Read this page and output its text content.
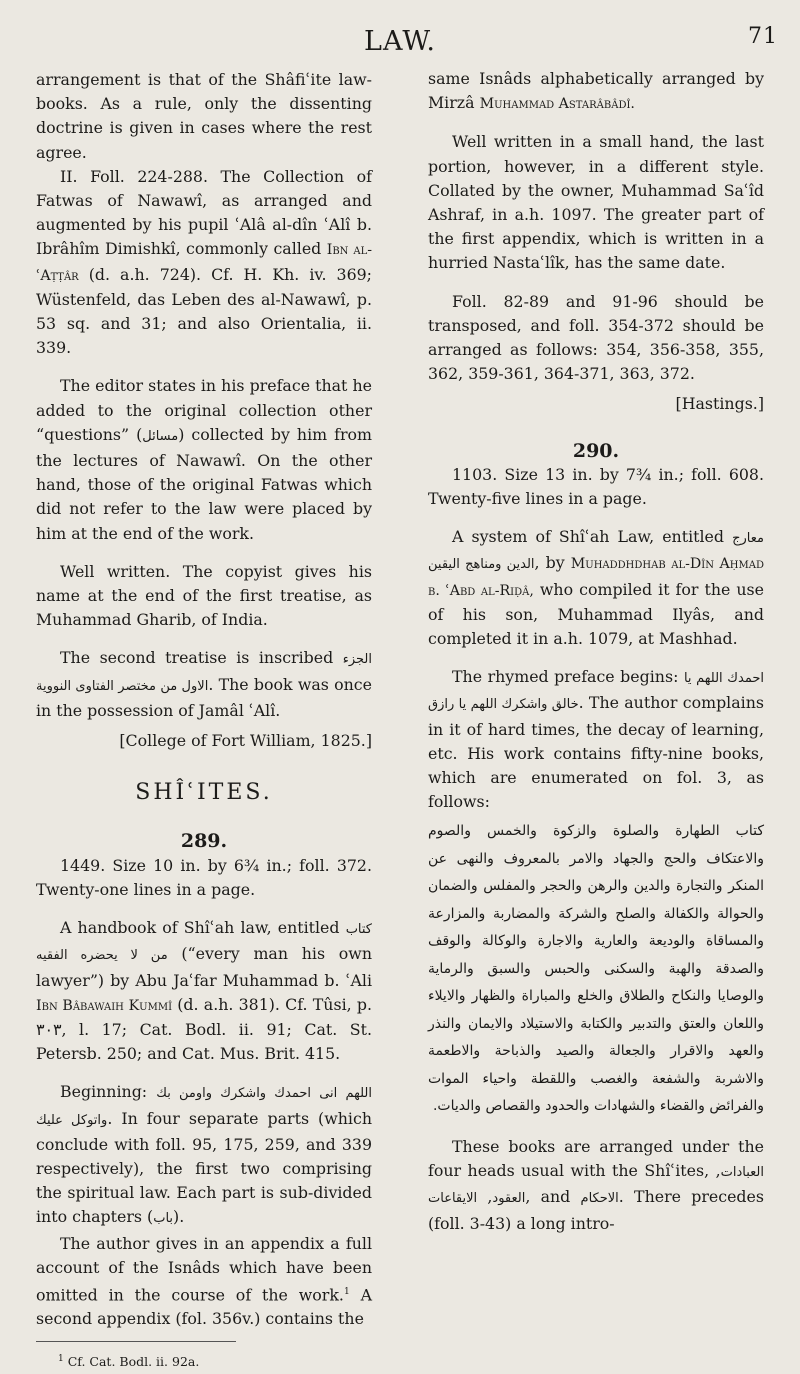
LAW.	71

arrangement is that of the Shâfiʿite law-books. As a rule, only the dissenting doctrine is given in cases where the rest agree.

II. Foll. 224-288. The Collection of Fatwas of Nawawî, as arranged and augmented by his pupil ʿAlâ al-dîn ʿAlî b. Ibrâhîm Dimishkî, commonly called Ibn al-ʿAṭṭâr (d. a.h. 724). Cf. H. Kh. iv. 369; Wüstenfeld, das Leben des al-Nawawî, p. 53 sq. and 31; and also Orientalia, ii. 339.

The editor states in his preface that he added to the original collection other “questions” (مسائل) collected by him from the lectures of Nawawî. On the other hand, those of the original Fatwas which did not refer to the law were placed by him at the end of the work.

Well written. The copyist gives his name at the end of the first treatise, as Muhammad Gharib, of India.

The second treatise is inscribed الجزء الاول من مختصر الفتاوى النووية. The book was once in the possession of Jamâl ʿAlî.

[College of Fort William, 1825.]

SHÎʿITES.
289.

1449. Size 10 in. by 6¾ in.; foll. 372. Twenty-one lines in a page.

A handbook of Shîʿah law, entitled كتاب من لا يحضره الفقيه (“every man his own lawyer”) by Abu Jaʿfar Muhammad b. ʿAli Ibn Bâbawaih Kummî (d. a.h. 381). Cf. Tûsi, p. ٣٠٣, l. 17; Cat. Bodl. ii. 91; Cat. St. Petersb. 250; and Cat. Mus. Brit. 415.

Beginning: اللهم انى احمدك واشكرك واومن بك واتوكل عليك. In four separate parts (which conclude with foll. 95, 175, 259, and 339 respectively), the first two comprising the spiritual law. Each part is sub-divided into chapters (باب).

The author gives in an appendix a full account of the Isnâds which have been omitted in the course of the work.$^1$ A second appendix (fol. 356v.) contains the

$^1$ Cf. Cat. Bodl. ii. 92a.

same Isnâds alphabetically arranged by Mirzâ Muhammad Astarâbâdî.

Well written in a small hand, the last portion, however, in a different style. Collated by the owner, Muhammad Saʿîd Ashraf, in a.h. 1097. The greater part of the first appendix, which is written in a hurried Nastaʿlîk, has the same date.

Foll. 82-89 and 91-96 should be transposed, and foll. 354-372 should be arranged as follows: 354, 356-358, 355, 362, 359-361, 364-371, 363, 372.

[Hastings.]

290.

1103. Size 13 in. by 7¾ in.; foll. 608. Twenty-five lines in a page.

A system of Shîʿah Law, entitled معارج الدين ومناهج اليقين, by Muhaddhdhab al-Dîn Aḥmad b. ʿAbd al-Riḍâ, who compiled it for the use of his son, Muhammad Ilyâs, and completed it in a.h. 1079, at Mashhad.

The rhymed preface begins: احمدك اللهم يا خالق واشكرك اللهم يا رازق. The author complains in it of hard times, the decay of learning, etc. His work contains fifty-nine books, which are enumerated on fol. 3, as follows:

كتاب الطهارة والصلوة والزكوة والخمس والصوم والاعتكاف والحج والجهاد والامر بالمعروف والنهى عن المنكر والتجارة والدين والرهن والحجر والمفلس والضمان والحوالة والكفالة والصلح والشركة والمضاربة والمزارعة والمساقاة والوديعة والعارية والاجارة والوكالة والوقف والصدقة والهبة والسكنى والحبس والسبق والرماية والوصايا والنكاح والطلاق والخلع والمباراة والظهار والايلاء واللعان والعتق والتدبير والكتابة والاستيلاد والايمان والنذر والعهد والاقرار والجعالة والصيد والذباحة والاطعمة والاشربة والشفعة والغصب واللقطة واحياء الموات والفرائض والقضاء والشهادات والحدود والقصاص والديات.

These books are arranged under the four heads usual with the Shîʿites, العبادات, العقود, الايقاعات	, and الاحكام. There precedes (foll. 3-43) a long intro-
